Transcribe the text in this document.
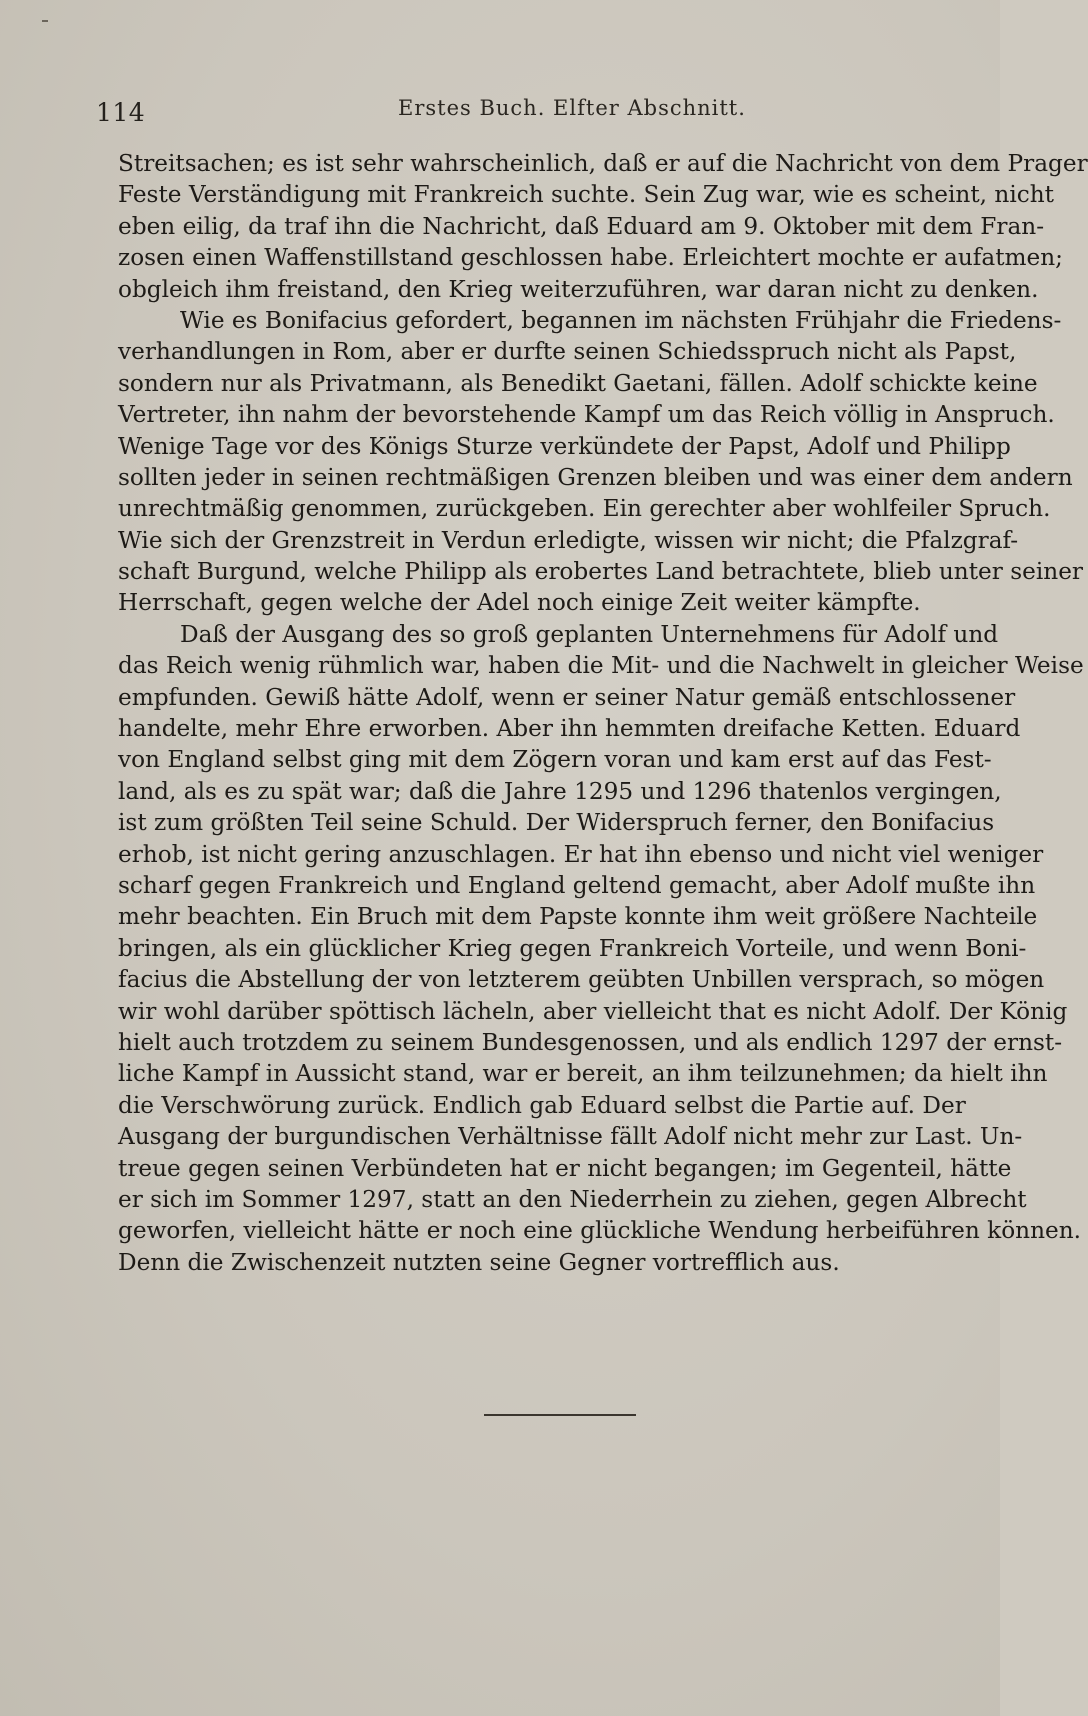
114	Erstes Buch. Elfter Abschnitt.
Streitsachen; es ist sehr wahrscheinlich, daß er auf die Nachricht von dem Prager
Feste Verständigung mit Frankreich suchte. Sein Zug war, wie es scheint, nicht
eben eilig, da traf ihn die Nachricht, daß Eduard am 9. Oktober mit dem Fran-
zosen einen Waffenstillstand geschlossen habe. Erleichtert mochte er aufatmen;
obgleich ihm freistand, den Krieg weiterzuführen, war daran nicht zu denken.
Wie es Bonifacius gefordert, begannen im nächsten Frühjahr die Friedens-
verhandlungen in Rom, aber er durfte seinen Schiedsspruch nicht als Papst,
sondern nur als Privatmann, als Benedikt Gaetani, fällen. Adolf schickte keine
Vertreter, ihn nahm der bevorstehende Kampf um das Reich völlig in Anspruch.
Wenige Tage vor des Königs Sturze verkündete der Papst, Adolf und Philipp
sollten jeder in seinen rechtmäßigen Grenzen bleiben und was einer dem andern
unrechtmäßig genommen, zurückgeben. Ein gerechter aber wohlfeiler Spruch.
Wie sich der Grenzstreit in Verdun erledigte, wissen wir nicht; die Pfalzgraf-
schaft Burgund, welche Philipp als erobertes Land betrachtete, blieb unter seiner
Herrschaft, gegen welche der Adel noch einige Zeit weiter kämpfte.
Daß der Ausgang des so groß geplanten Unternehmens für Adolf und
das Reich wenig rühmlich war, haben die Mit- und die Nachwelt in gleicher Weise
empfunden. Gewiß hätte Adolf, wenn er seiner Natur gemäß entschlossener
handelte, mehr Ehre erworben. Aber ihn hemmten dreifache Ketten. Eduard
von England selbst ging mit dem Zögern voran und kam erst auf das Fest-
land, als es zu spät war; daß die Jahre 1295 und 1296 thatenlos vergingen,
ist zum größten Teil seine Schuld. Der Widerspruch ferner, den Bonifacius
erhob, ist nicht gering anzuschlagen. Er hat ihn ebenso und nicht viel weniger
scharf gegen Frankreich und England geltend gemacht, aber Adolf mußte ihn
mehr beachten. Ein Bruch mit dem Papste konnte ihm weit größere Nachteile
bringen, als ein glücklicher Krieg gegen Frankreich Vorteile, und wenn Boni-
facius die Abstellung der von letzterem geübten Unbillen versprach, so mögen
wir wohl darüber spöttisch lächeln, aber vielleicht that es nicht Adolf. Der König
hielt auch trotzdem zu seinem Bundesgenossen, und als endlich 1297 der ernst-
liche Kampf in Aussicht stand, war er bereit, an ihm teilzunehmen; da hielt ihn
die Verschwörung zurück. Endlich gab Eduard selbst die Partie auf. Der
Ausgang der burgundischen Verhältnisse fällt Adolf nicht mehr zur Last. Un-
treue gegen seinen Verbündeten hat er nicht begangen; im Gegenteil, hätte
er sich im Sommer 1297, statt an den Niederrhein zu ziehen, gegen Albrecht
geworfen, vielleicht hätte er noch eine glückliche Wendung herbeiführen können.
Denn die Zwischenzeit nutzten seine Gegner vortrefflich aus.
